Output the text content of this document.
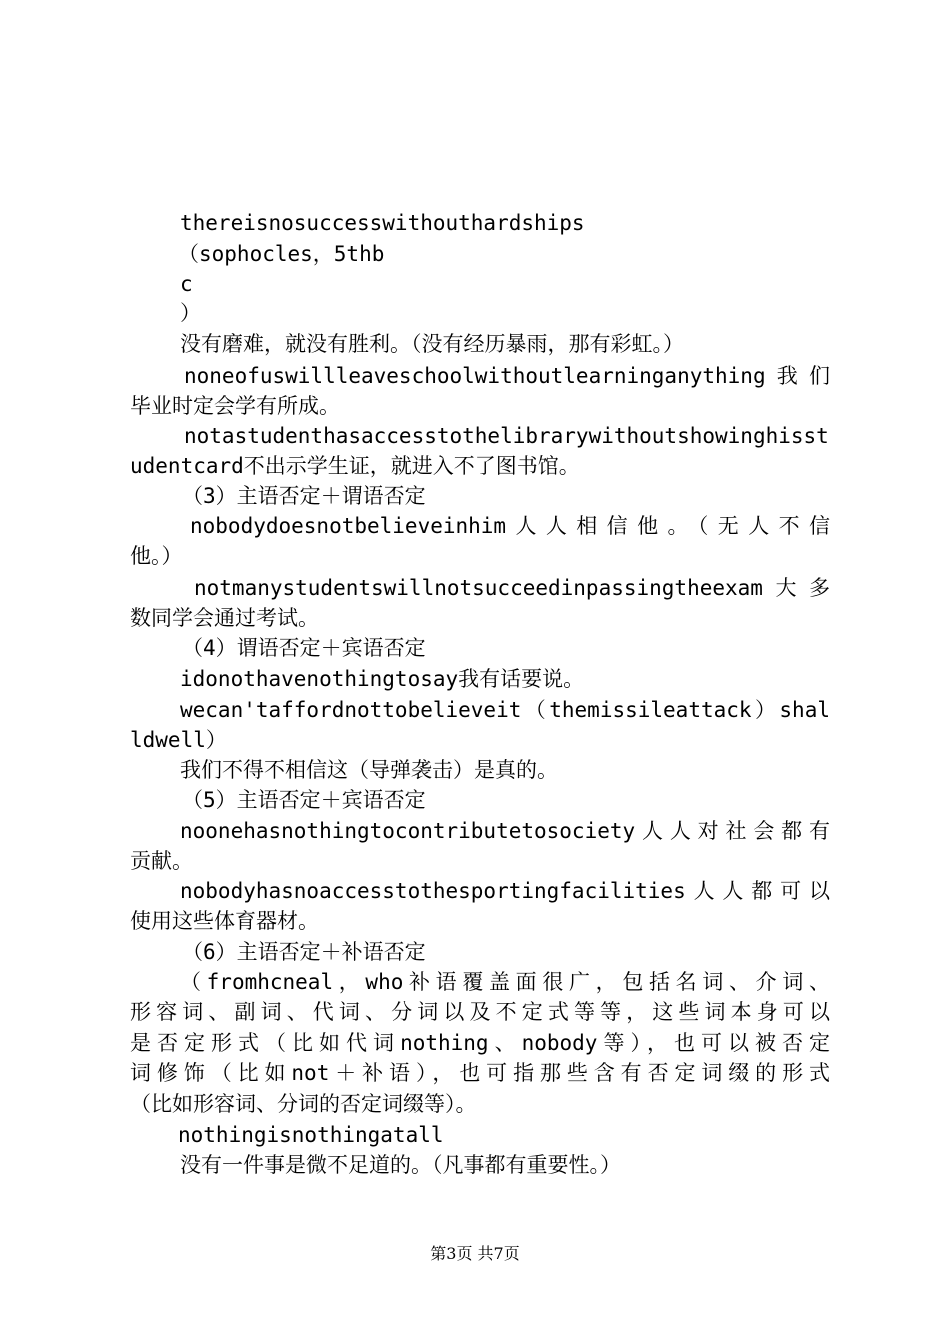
thereisnosuccesswithouthardships
（sophocles，5thb
c
）
没有磨难，就没有胜利。（没有经历暴雨，那有彩虹。）
noneofuswillleaveschoolwithoutlearninganything我们
毕业时定会学有所成。
notastudenthasaccesstothelibrarywithoutshowinghisst
udentcard不出示学生证，就进入不了图书馆。
（3）主语否定＋谓语否定
nobodydoesnotbelieveinhim人人相信他。（无人不信
他。）
notmanystudentswillnotsucceedinpassingtheexam大多
数同学会通过考试。
（4）谓语否定＋宾语否定
idonothavenothingtosay我有话要说。
wecan'taffordnottobelieveit（themissileattack）shal
ldwell）
我们不得不相信这（导弹袭击）是真的。
（5）主语否定＋宾语否定
noonehasnothingtocontributetosociety人人对社会都有
贡献。
nobodyhasnoaccesstothesportingfacilities人人都可以
使用这些体育器材。
（6）主语否定＋补语否定
（fromhcneal，who补语覆盖面很广，包括名词、介词、
形容词、副词、代词、分词以及不定式等等，这些词本身可以
是否定形式（比如代词nothing、nobody等），也可以被否定
词修饰（比如not＋补语），也可指那些含有否定词缀的形式
（比如形容词、分词的否定词缀等）。
nothingisnothingatall
没有一件事是微不足道的。（凡事都有重要性。）
第3页 共7页
